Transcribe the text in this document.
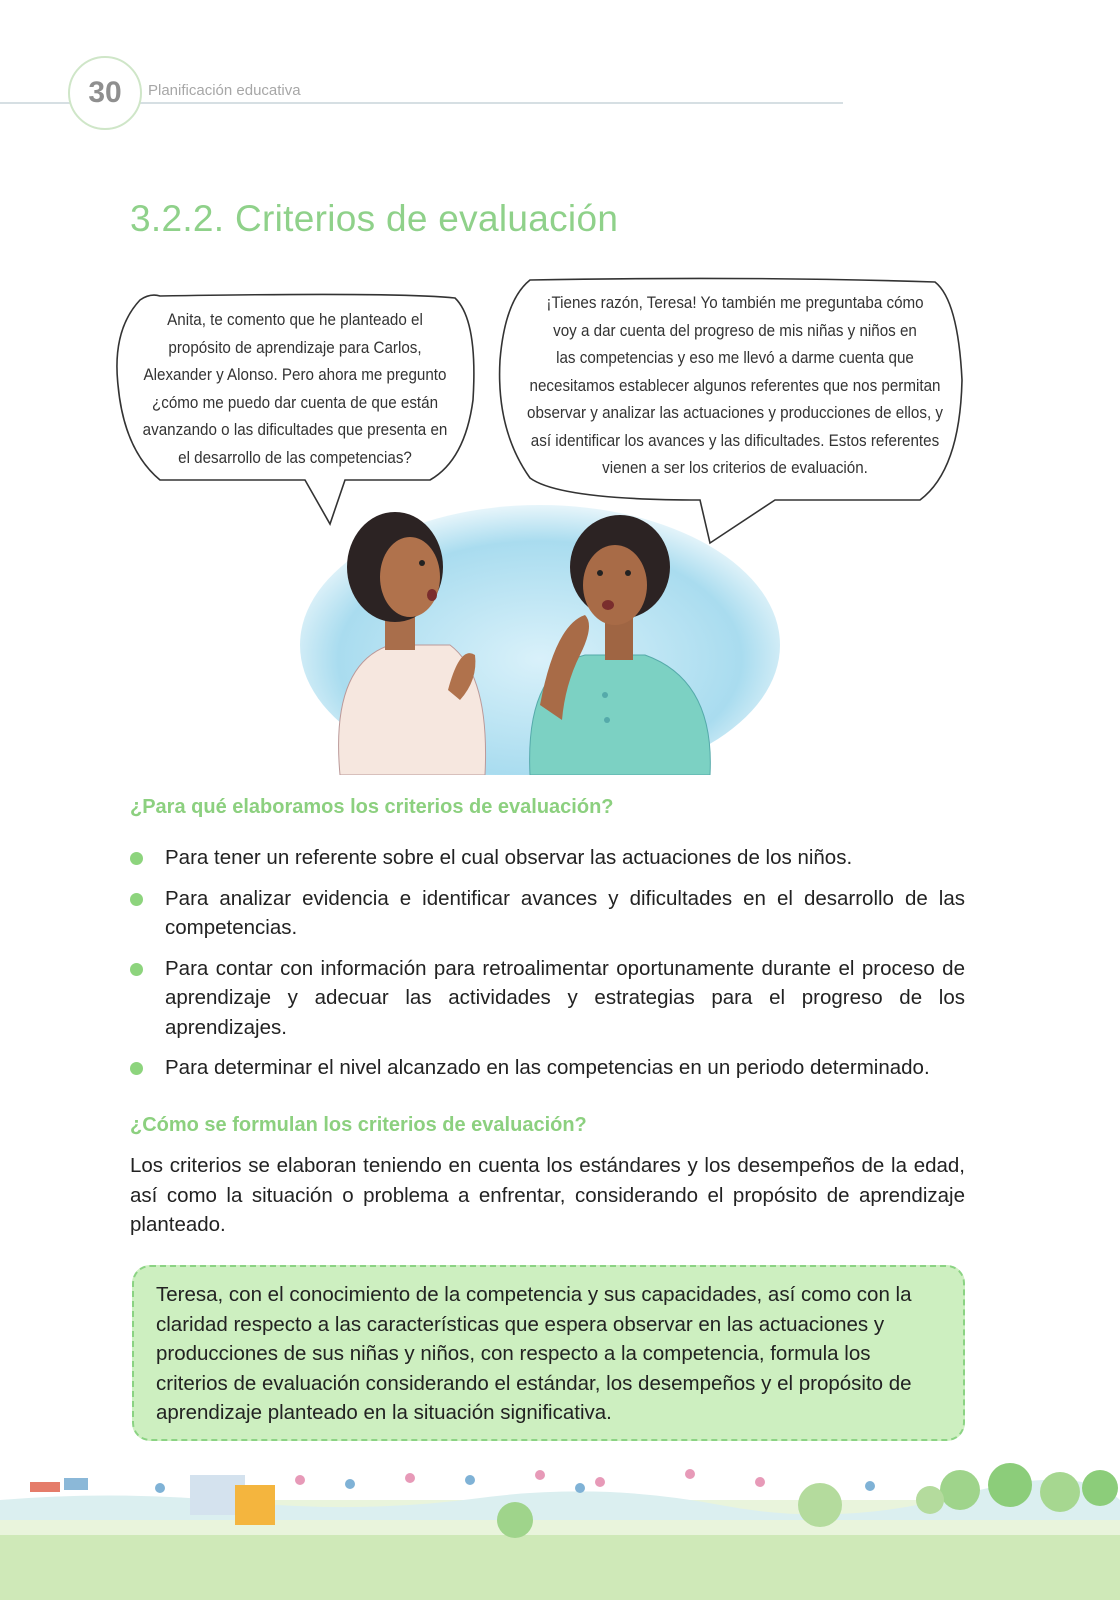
30	Planificación educativa
3.2.2. Criterios de evaluación
Anita, te comento que he planteado el
propósito de aprendizaje para Carlos,
Alexander y Alonso. Pero ahora me pregunto
¿cómo me puedo dar cuenta de que están
avanzando o las dificultades que presenta en
el desarrollo de las competencias?
¡Tienes razón, Teresa! Yo también me preguntaba cómo
voy a dar cuenta del progreso de mis niñas y niños en
las competencias y eso me llevó a darme cuenta que
necesitamos establecer algunos referentes que nos permitan
observar y analizar las actuaciones y producciones de ellos, y
así identificar los avances y las dificultades. Estos referentes
vienen a ser los criterios de evaluación.
¿Para qué elaboramos los criterios de evaluación?
Para tener un referente sobre el cual observar las actuaciones de los niños.
Para analizar evidencia e identificar avances y dificultades en el desarrollo de las competencias.
Para contar con información para retroalimentar oportunamente durante el proceso de aprendizaje y adecuar las actividades y estrategias para el progreso de los aprendizajes.
Para determinar el nivel alcanzado en las competencias en un periodo determinado.
¿Cómo se formulan los criterios de evaluación?
Los criterios se elaboran teniendo en cuenta los estándares y los desempeños de la edad, así como la situación o problema a enfrentar, considerando el propósito de aprendizaje planteado.
Teresa, con el conocimiento de la competencia y sus capacidades, así como con la claridad respecto a las características que espera observar en las actuaciones y producciones de sus niñas y niños, con respecto a la competencia, formula los criterios de evaluación considerando el estándar, los desempeños y el propósito de aprendizaje planteado en la situación significativa.
